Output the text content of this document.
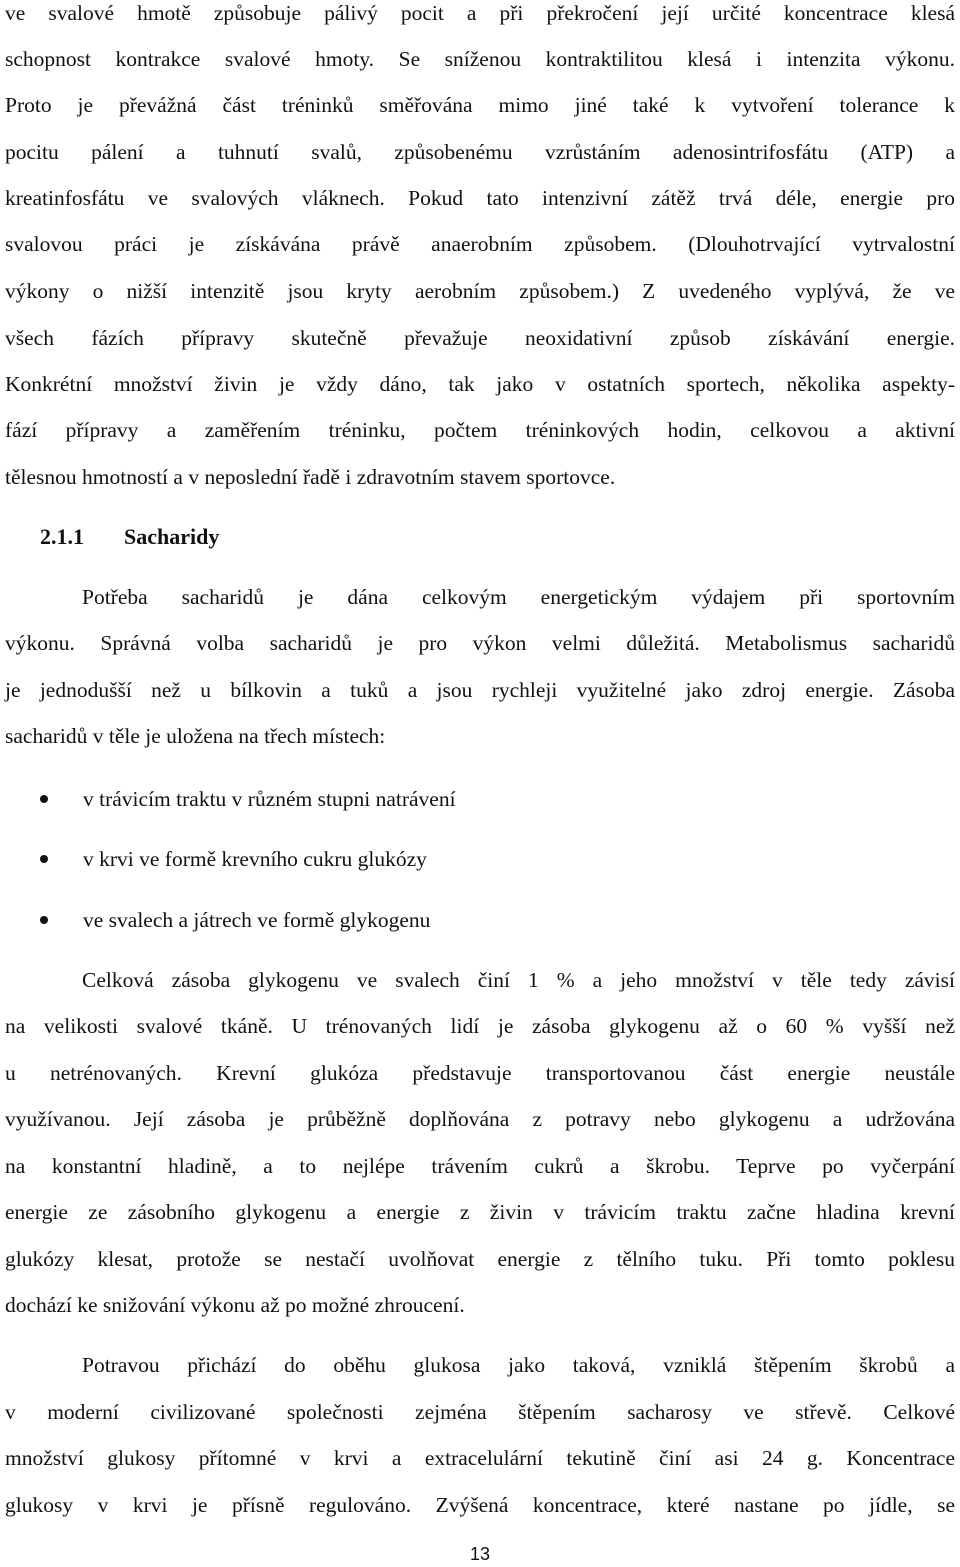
ve svalové hmotě způsobuje pálivý pocit a při překročení její určité koncentrace klesá
schopnost kontrakce svalové hmoty. Se sníženou kontraktilitou klesá i intenzita výkonu.
Proto je převážná část tréninků směřována mimo jiné také k vytvoření tolerance k
pocitu pálení a tuhnutí svalů, způsobenému vzrůstáním adenosintrifosfátu (ATP) a
kreatinfosfátu ve svalových vláknech. Pokud tato intenzivní zátěž trvá déle, energie pro
svalovou práci je získávána právě anaerobním způsobem. (Dlouhotrvající vytrvalostní
výkony o nižší intenzitě jsou kryty aerobním způsobem.) Z uvedeného vyplývá, že ve
všech fázích přípravy skutečně převažuje neoxidativní způsob získávání energie.
Konkrétní množství živin je vždy dáno, tak jako v ostatních sportech, několika aspekty-
fází přípravy a zaměřením tréninku, počtem tréninkových hodin, celkovou a aktivní
tělesnou hmotností a v neposlední řadě i zdravotním stavem sportovce.
2.1.1 Sacharidy
Potřeba sacharidů je dána celkovým energetickým výdajem při sportovním
výkonu. Správná volba sacharidů je pro výkon velmi důležitá. Metabolismus sacharidů
je jednodušší než u bílkovin a tuků a jsou rychleji využitelné jako zdroj energie. Zásoba
sacharidů v těle je uložena na třech místech:
v trávicím traktu v různém stupni natrávení
v krvi ve formě krevního cukru glukózy
ve svalech a játrech ve formě glykogenu
Celková zásoba glykogenu ve svalech činí 1 % a jeho množství v těle tedy závisí
na velikosti svalové tkáně. U trénovaných lidí je zásoba glykogenu až o 60 % vyšší než
u netrénovaných. Krevní glukóza představuje transportovanou část energie neustále
využívanou. Její zásoba je průběžně doplňována z potravy nebo glykogenu a udržována
na konstantní hladině, a to nejlépe trávením cukrů a škrobu. Teprve po vyčerpání
energie ze zásobního glykogenu a energie z živin v trávicím traktu začne hladina krevní
glukózy klesat, protože se nestačí uvolňovat energie z tělního tuku. Při tomto poklesu
dochází ke snižování výkonu až po možné zhroucení.
Potravou přichází do oběhu glukosa jako taková, vzniklá štěpením škrobů a
v moderní civilizované společnosti zejména štěpením sacharosy ve střevě. Celkové
množství glukosy přítomné v krvi a extracelulární tekutině činí asi 24 g. Koncentrace
glukosy v krvi je přísně regulováno. Zvýšená koncentrace, které nastane po jídle, se
13
